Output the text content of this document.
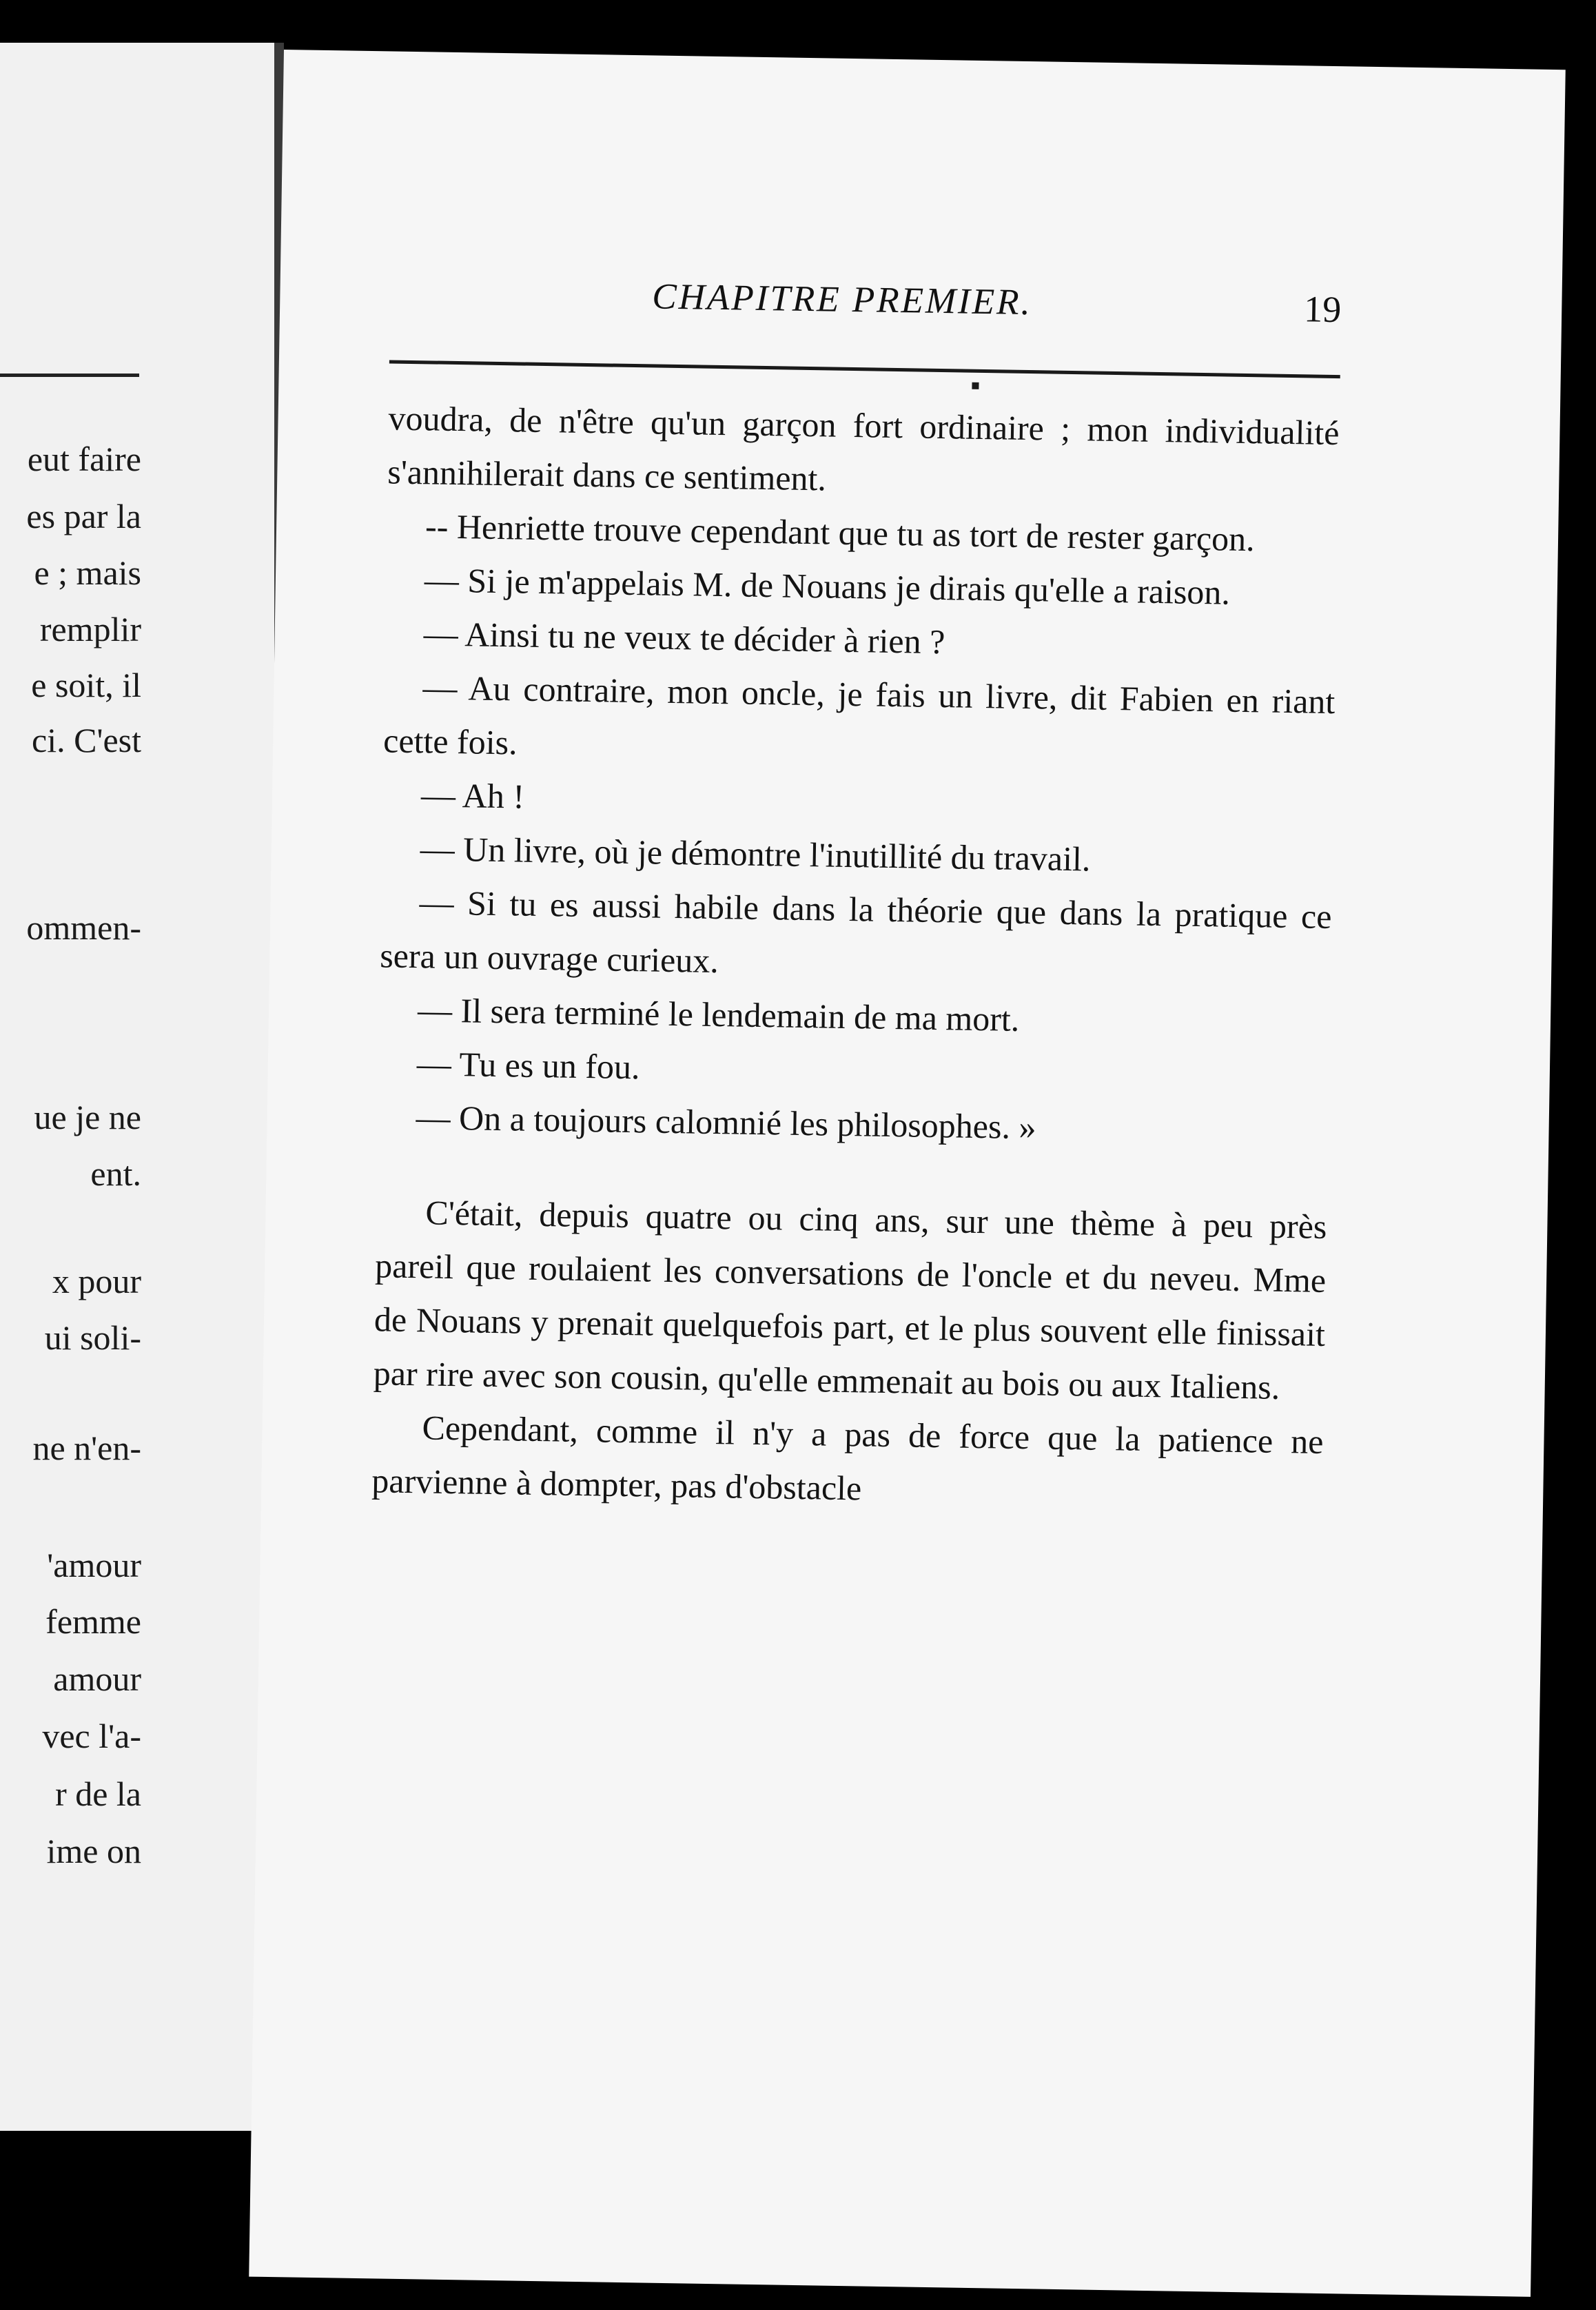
eut faire
es par la
e ; mais
remplir
e soit, il
ci. C'est
ommen-
ue je ne
ent.
x pour
ui soli-
ne n'en-
'amour
femme
amour
vec l'a-
r de la
ime on
CHAPITRE PREMIER.	19

voudra, de n'être qu'un garçon fort ordinaire ; mon individualité s'annihilerait dans ce sentiment.

-- Henriette trouve cependant que tu as tort de rester garçon.

— Si je m'appelais M. de Nouans je dirais qu'elle a raison.

— Ainsi tu ne veux te décider à rien ?

— Au contraire, mon oncle, je fais un livre, dit Fabien en riant cette fois.

— Ah !

— Un livre, où je démontre l'inutillité du travail.

— Si tu es aussi habile dans la théorie que dans la pratique ce sera un ouvrage curieux.

— Il sera terminé le lendemain de ma mort.

— Tu es un fou.

— On a toujours calomnié les philosophes. »

C'était, depuis quatre ou cinq ans, sur une thème à peu près pareil que roulaient les conversations de l'oncle et du neveu. Mme de Nouans y prenait quelquefois part, et le plus souvent elle finissait par rire avec son cousin, qu'elle emmenait au bois ou aux Italiens.

Cependant, comme il n'y a pas de force que la patience ne parvienne à dompter, pas d'obstacle
